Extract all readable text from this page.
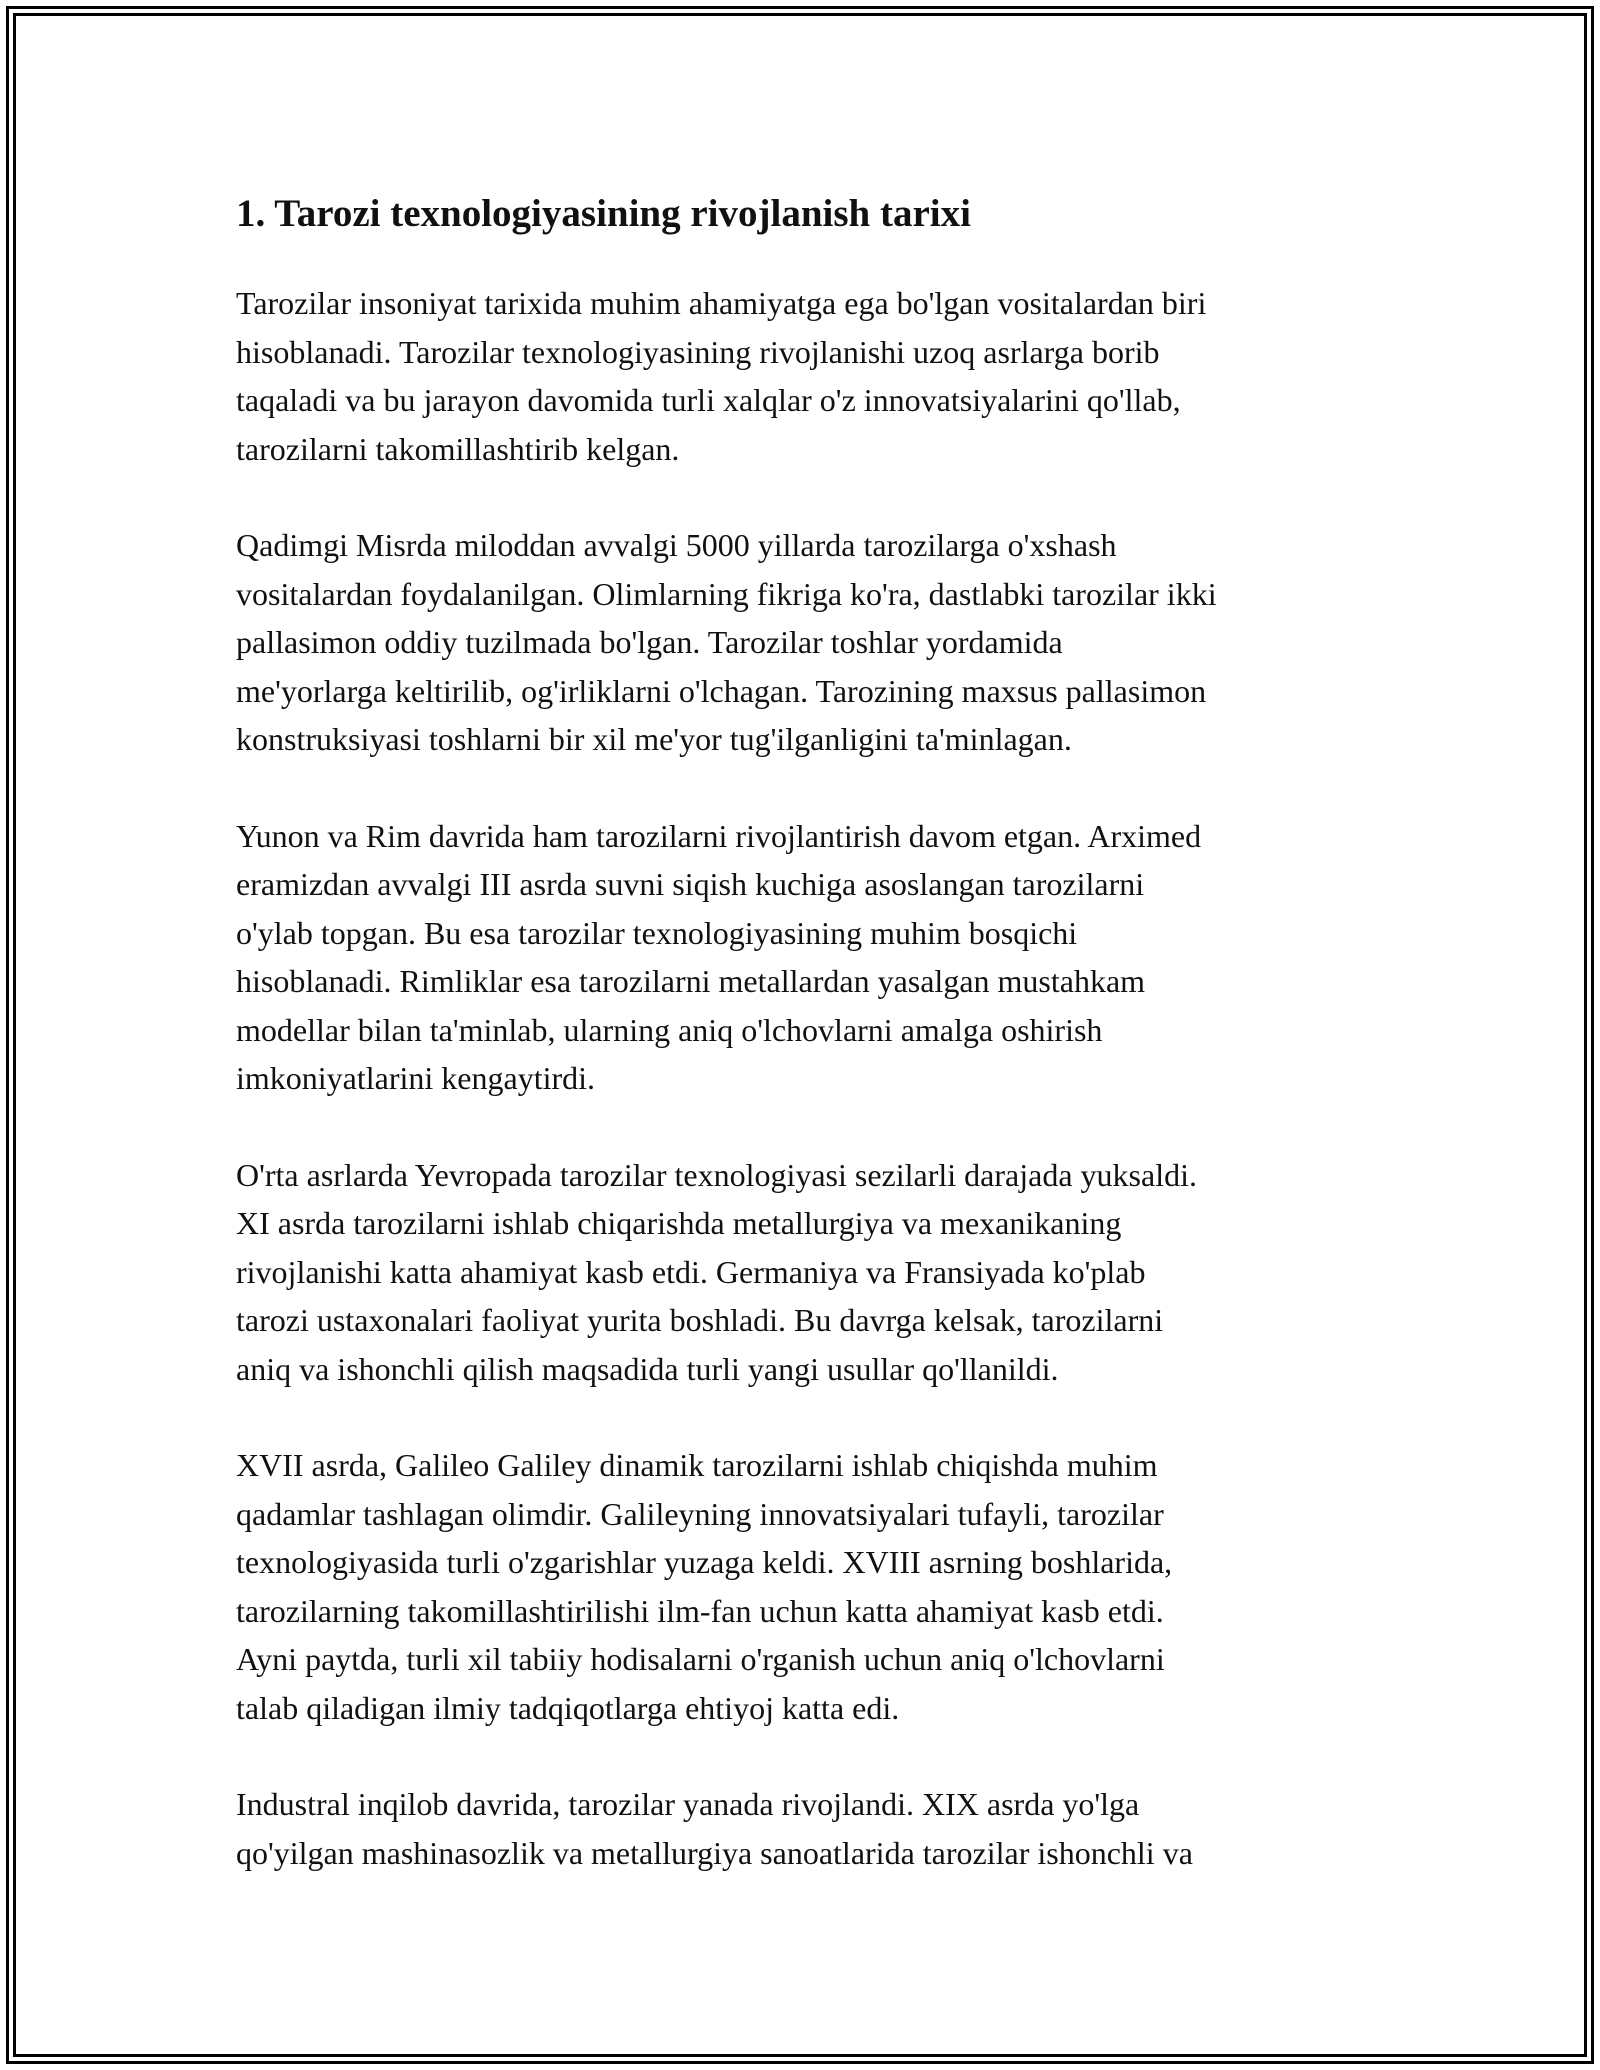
1. Tarozi texnologiyasining rivojlanish tarixi

Tarozilar insoniyat tarixida muhim ahamiyatga ega bo'lgan vositalardan biri
hisoblanadi. Tarozilar texnologiyasining rivojlanishi uzoq asrlarga borib
taqaladi va bu jarayon davomida turli xalqlar o'z innovatsiyalarini qo'llab,
tarozilarni takomillashtirib kelgan.

Qadimgi Misrda miloddan avvalgi 5000 yillarda tarozilarga o'xshash
vositalardan foydalanilgan. Olimlarning fikriga ko'ra, dastlabki tarozilar ikki
pallasimon oddiy tuzilmada bo'lgan. Tarozilar toshlar yordamida
me'yorlarga keltirilib, og'irliklarni o'lchagan. Tarozining maxsus pallasimon
konstruksiyasi toshlarni bir xil me'yor tug'ilganligini ta'minlagan.

Yunon va Rim davrida ham tarozilarni rivojlantirish davom etgan. Arximed
eramizdan avvalgi III asrda suvni siqish kuchiga asoslangan tarozilarni
o'ylab topgan. Bu esa tarozilar texnologiyasining muhim bosqichi
hisoblanadi. Rimliklar esa tarozilarni metallardan yasalgan mustahkam
modellar bilan ta'minlab, ularning aniq o'lchovlarni amalga oshirish
imkoniyatlarini kengaytirdi.

O'rta asrlarda Yevropada tarozilar texnologiyasi sezilarli darajada yuksaldi.
XI asrda tarozilarni ishlab chiqarishda metallurgiya va mexanikaning
rivojlanishi katta ahamiyat kasb etdi. Germaniya va Fransiyada ko'plab
tarozi ustaxonalari faoliyat yurita boshladi. Bu davrga kelsak, tarozilarni
aniq va ishonchli qilish maqsadida turli yangi usullar qo'llanildi.

XVII asrda, Galileo Galiley dinamik tarozilarni ishlab chiqishda muhim
qadamlar tashlagan olimdir. Galileyning innovatsiyalari tufayli, tarozilar
texnologiyasida turli o'zgarishlar yuzaga keldi. XVIII asrning boshlarida,
tarozilarning takomillashtirilishi ilm-fan uchun katta ahamiyat kasb etdi.
Ayni paytda, turli xil tabiiy hodisalarni o'rganish uchun aniq o'lchovlarni
talab qiladigan ilmiy tadqiqotlarga ehtiyoj katta edi.

Industral inqilob davrida, tarozilar yanada rivojlandi. XIX asrda yo'lga
qo'yilgan mashinasozlik va metallurgiya sanoatlarida tarozilar ishonchli va
